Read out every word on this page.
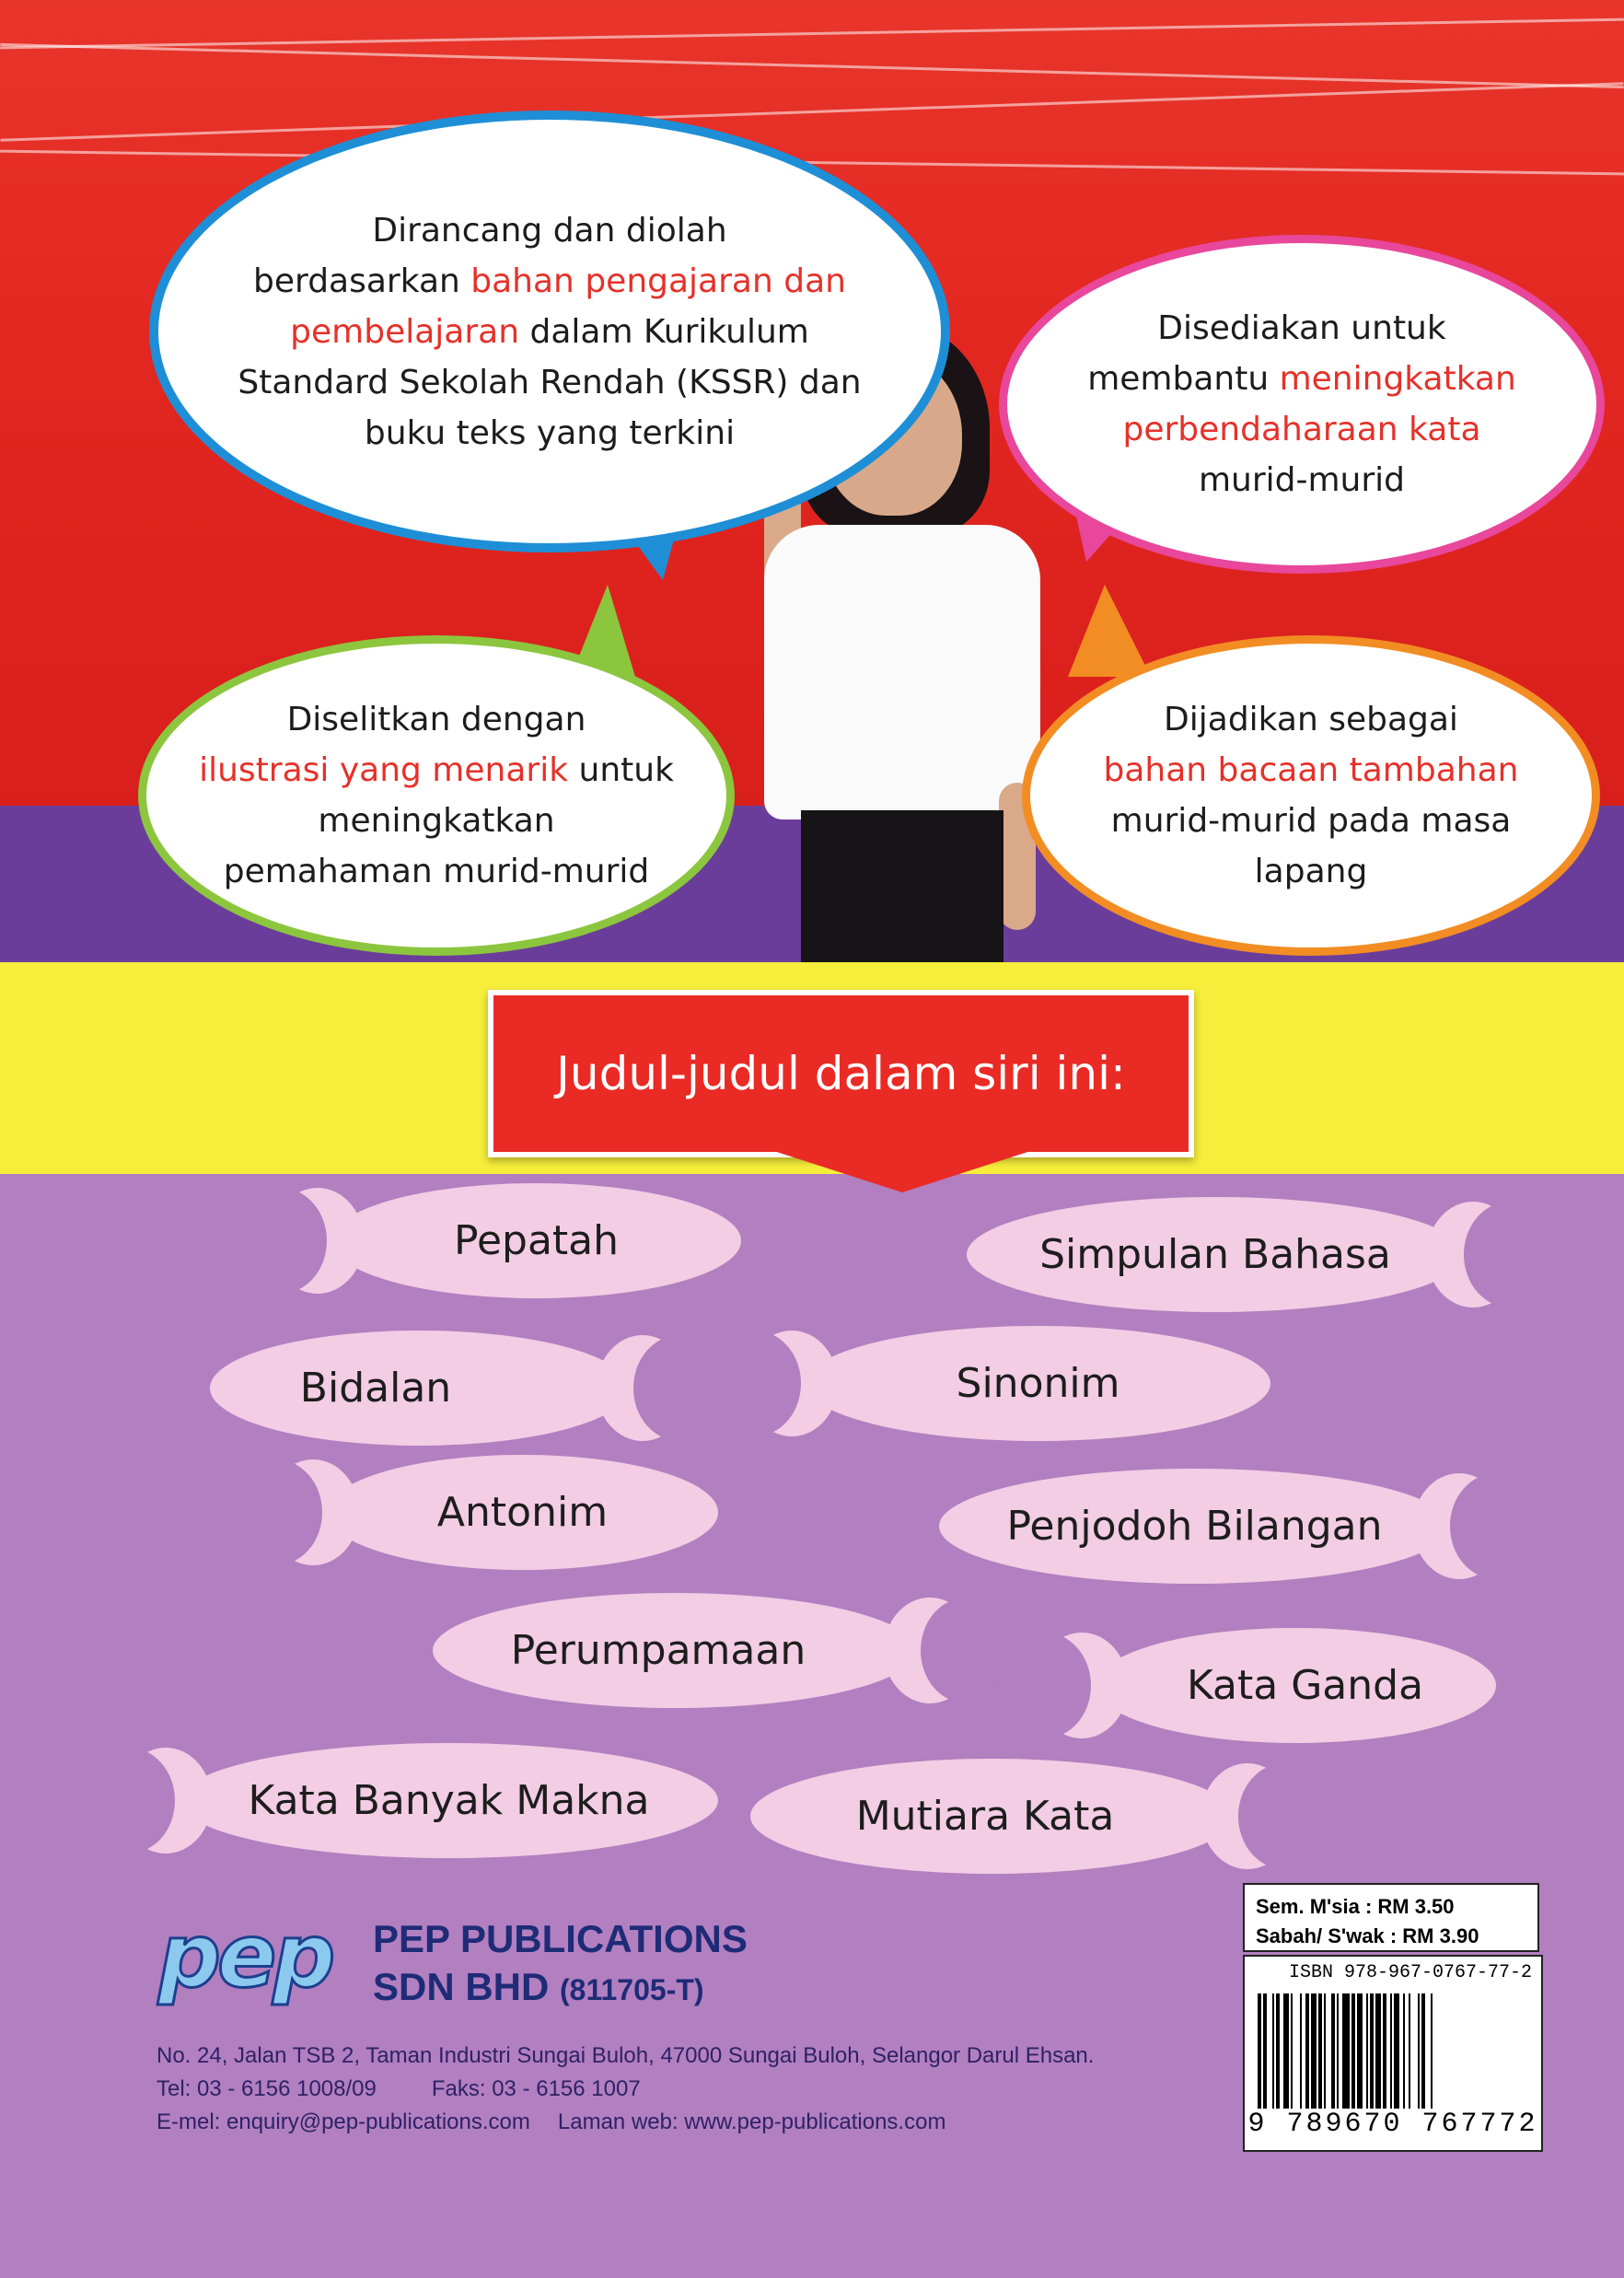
Dirancang dan diolah
berdasarkan bahan pengajaran dan
pembelajaran dalam Kurikulum
Standard Sekolah Rendah (KSSR) dan
buku teks yang terkini
Disediakan untuk
membantu meningkatkan
perbendaharaan kata
murid-murid
Diselitkan dengan
ilustrasi yang menarik untuk
meningkatkan
pemahaman murid-murid
Dijadikan sebagai
bahan bacaan tambahan
murid-murid pada masa
lapang
Judul-judul dalam siri ini:
Pepatah	Simpulan Bahasa
Bidalan	Sinonim
Antonim	Penjodoh Bilangan
Perumpamaan
Kata Ganda
Kata Banyak Makna	Mutiara Kata
pep	PEP PUBLICATIONS
SDN BHD (811705-T)
No. 24, Jalan TSB 2, Taman Industri Sungai Buloh, 47000 Sungai Buloh, Selangor Darul Ehsan.
Tel: 03 - 6156 1008/09	Faks: 03 - 6156 1007
E-mel: enquiry@pep-publications.com Laman web: www.pep-publications.com
Sem. M'sia : RM 3.50
Sabah/ S'wak : RM 3.90
ISBN 978-967-0767-77-2
9 789670 767772
